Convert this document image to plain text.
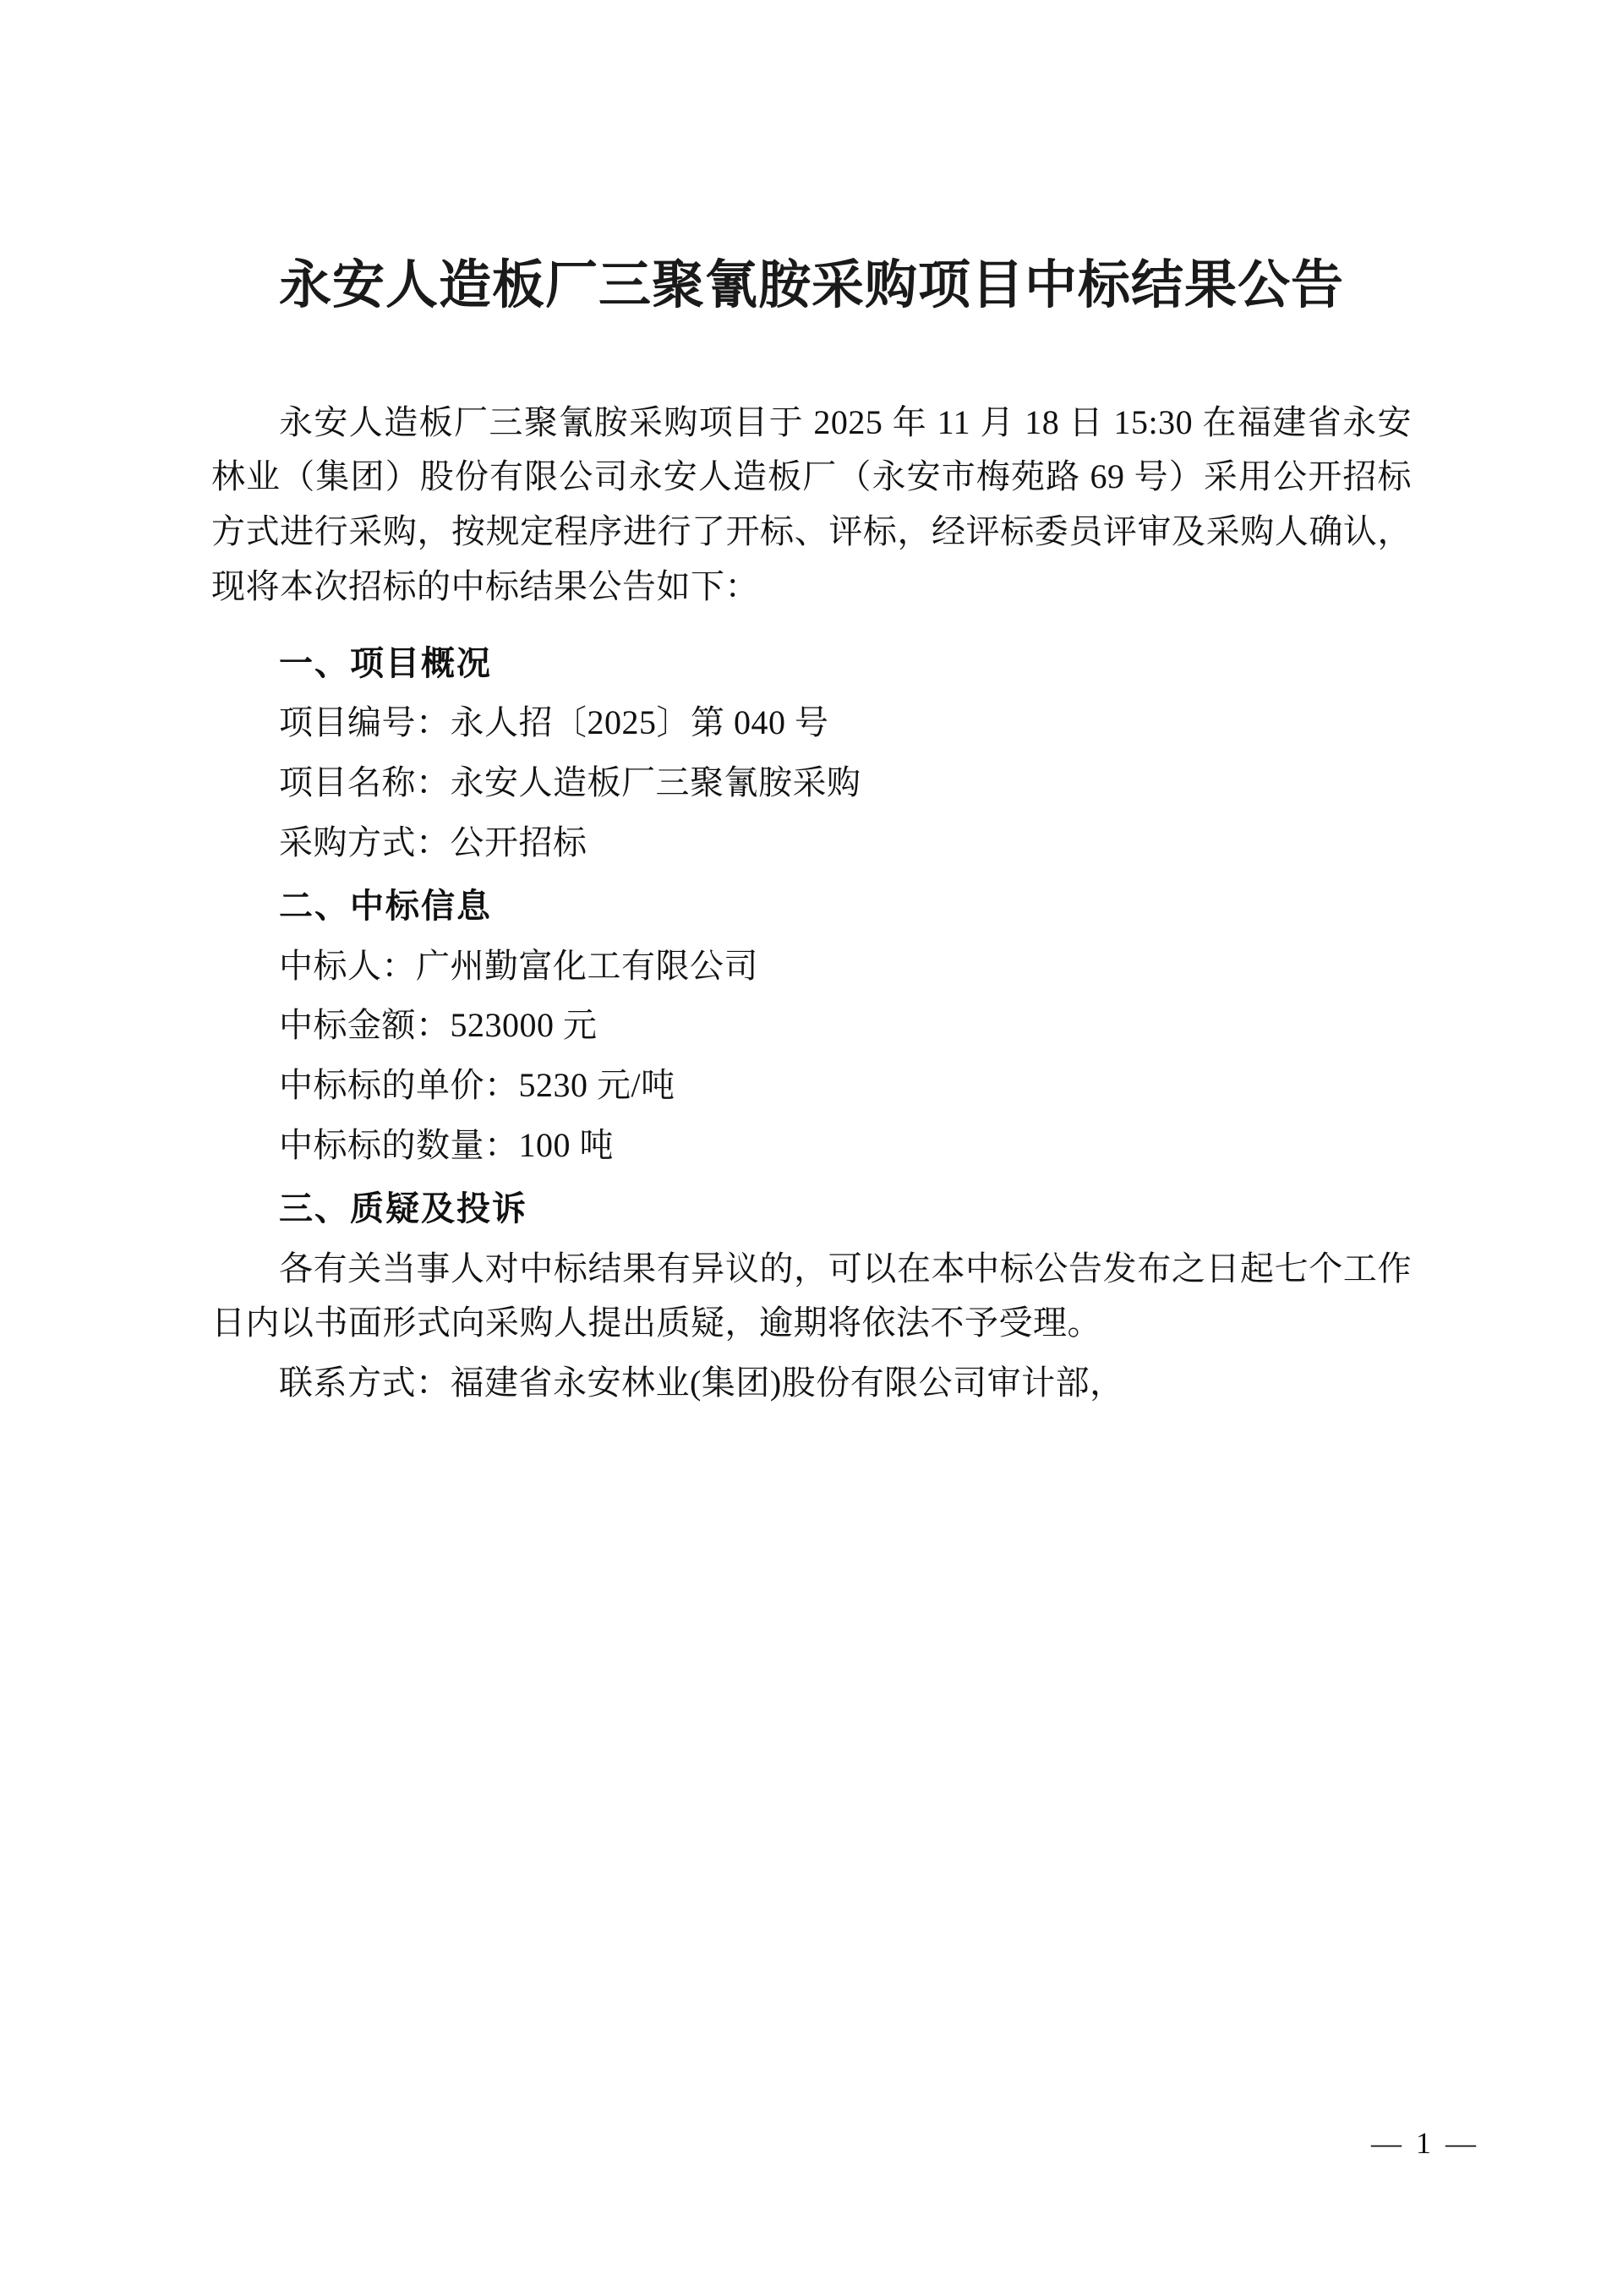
永安人造板厂三聚氰胺采购项目中标结果公告

永安人造板厂三聚氰胺采购项目于 2025 年 11 月 18 日 15:30 在福建省永安林业（集团）股份有限公司永安人造板厂（永安市梅苑路 69 号）采用公开招标方式进行采购，按规定程序进行了开标、评标，经评标委员评审及采购人确认，现将本次招标的中标结果公告如下：

一、项目概况

项目编号：永人招〔2025〕第 040 号

项目名称：永安人造板厂三聚氰胺采购

采购方式：公开招标

二、中标信息

中标人：广州勤富化工有限公司

中标金额：523000 元

中标标的单价：5230 元/吨

中标标的数量：100 吨

三、质疑及投诉

各有关当事人对中标结果有异议的，可以在本中标公告发布之日起七个工作日内以书面形式向采购人提出质疑，逾期将依法不予受理。

联系方式：福建省永安林业(集团)股份有限公司审计部，

— 1 —
